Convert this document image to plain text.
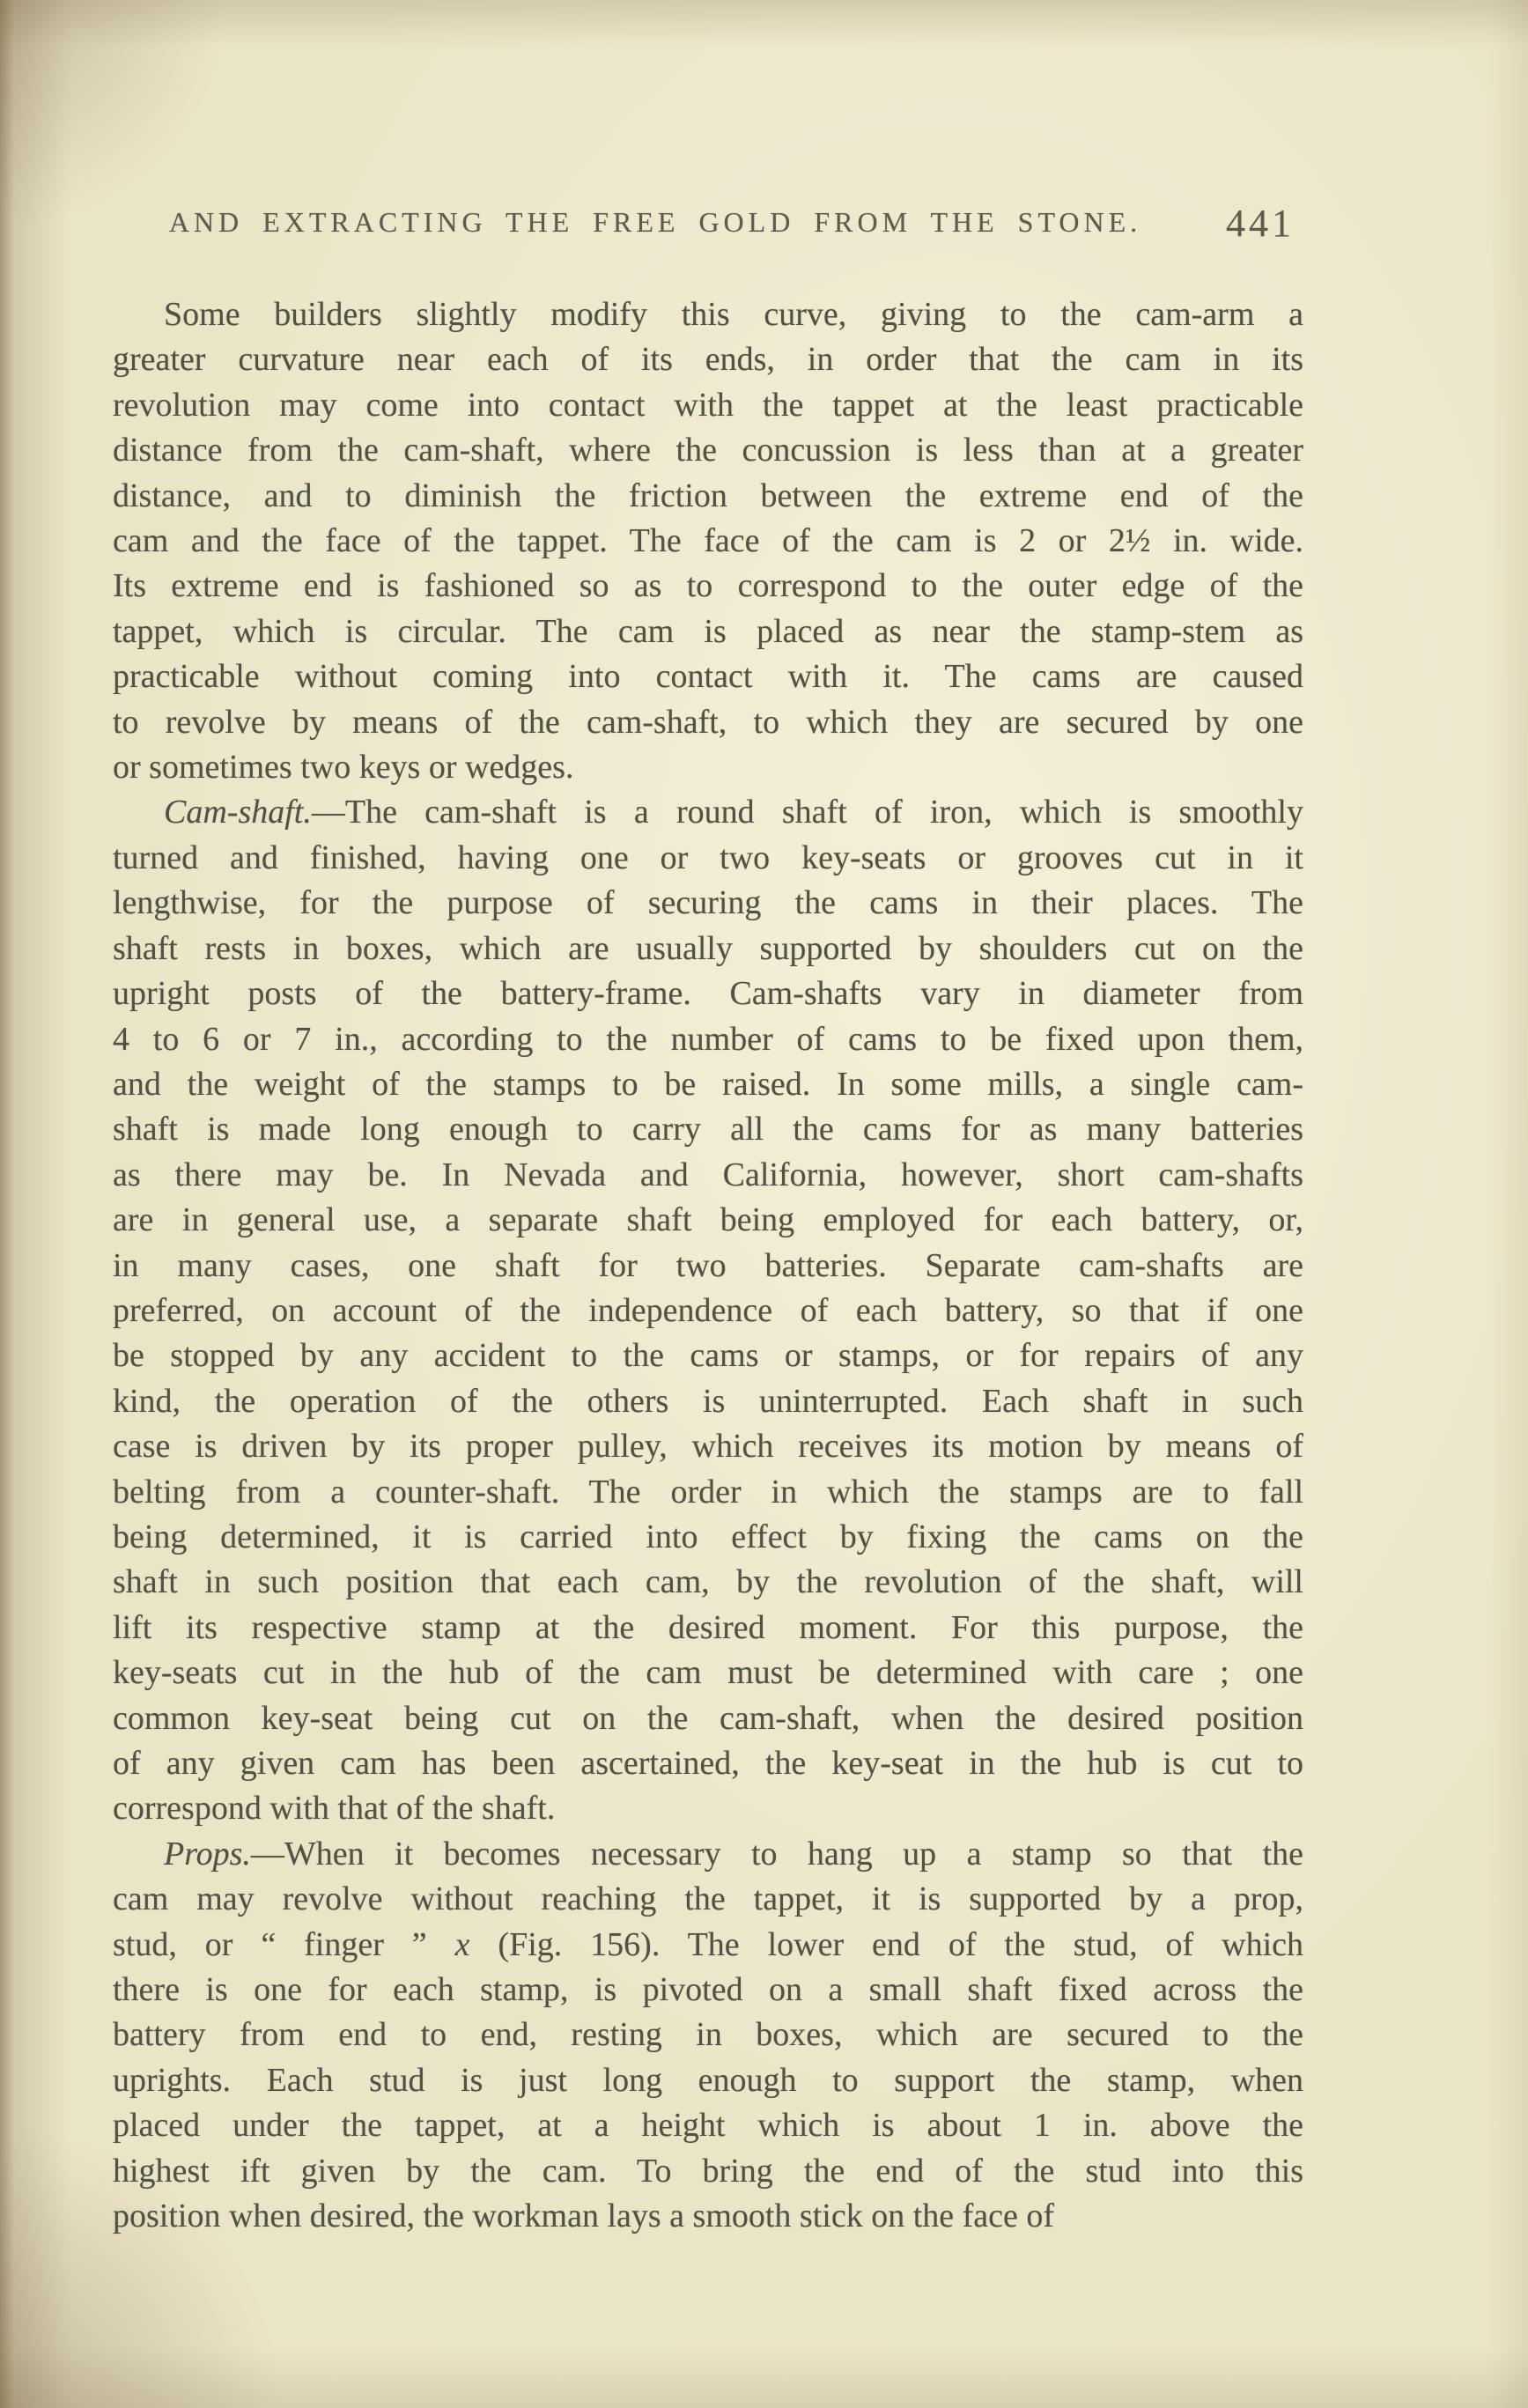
AND EXTRACTING THE FREE GOLD FROM THE STONE.	441
Some builders slightly modify this curve, giving to the cam-arm a
greater curvature near each of its ends, in order that the cam in its
revolution may come into contact with the tappet at the least practicable
distance from the cam-shaft, where the concussion is less than at a greater
distance, and to diminish the friction between the extreme end of the
cam and the face of the tappet. The face of the cam is 2 or 2½ in. wide.
Its extreme end is fashioned so as to correspond to the outer edge of the
tappet, which is circular. The cam is placed as near the stamp-stem as
practicable without coming into contact with it. The cams are caused
to revolve by means of the cam-shaft, to which they are secured by one
or sometimes two keys or wedges.
Cam-shaft.—The cam-shaft is a round shaft of iron, which is smoothly
turned and finished, having one or two key-seats or grooves cut in it
lengthwise, for the purpose of securing the cams in their places. The
shaft rests in boxes, which are usually supported by shoulders cut on the
upright posts of the battery-frame. Cam-shafts vary in diameter from
4 to 6 or 7 in., according to the number of cams to be fixed upon them,
and the weight of the stamps to be raised. In some mills, a single cam-
shaft is made long enough to carry all the cams for as many batteries
as there may be. In Nevada and California, however, short cam-shafts
are in general use, a separate shaft being employed for each battery, or,
in many cases, one shaft for two batteries. Separate cam-shafts are
preferred, on account of the independence of each battery, so that if one
be stopped by any accident to the cams or stamps, or for repairs of any
kind, the operation of the others is uninterrupted. Each shaft in such
case is driven by its proper pulley, which receives its motion by means of
belting from a counter-shaft. The order in which the stamps are to fall
being determined, it is carried into effect by fixing the cams on the
shaft in such position that each cam, by the revolution of the shaft, will
lift its respective stamp at the desired moment. For this purpose, the
key-seats cut in the hub of the cam must be determined with care ; one
common key-seat being cut on the cam-shaft, when the desired position
of any given cam has been ascertained, the key-seat in the hub is cut to
correspond with that of the shaft.
Props.—When it becomes necessary to hang up a stamp so that the
cam may revolve without reaching the tappet, it is supported by a prop,
stud, or “ finger ” x (Fig. 156). The lower end of the stud, of which
there is one for each stamp, is pivoted on a small shaft fixed across the
battery from end to end, resting in boxes, which are secured to the
uprights. Each stud is just long enough to support the stamp, when
placed under the tappet, at a height which is about 1 in. above the
highest ift given by the cam. To bring the end of the stud into this
position when desired, the workman lays a smooth stick on the face of
